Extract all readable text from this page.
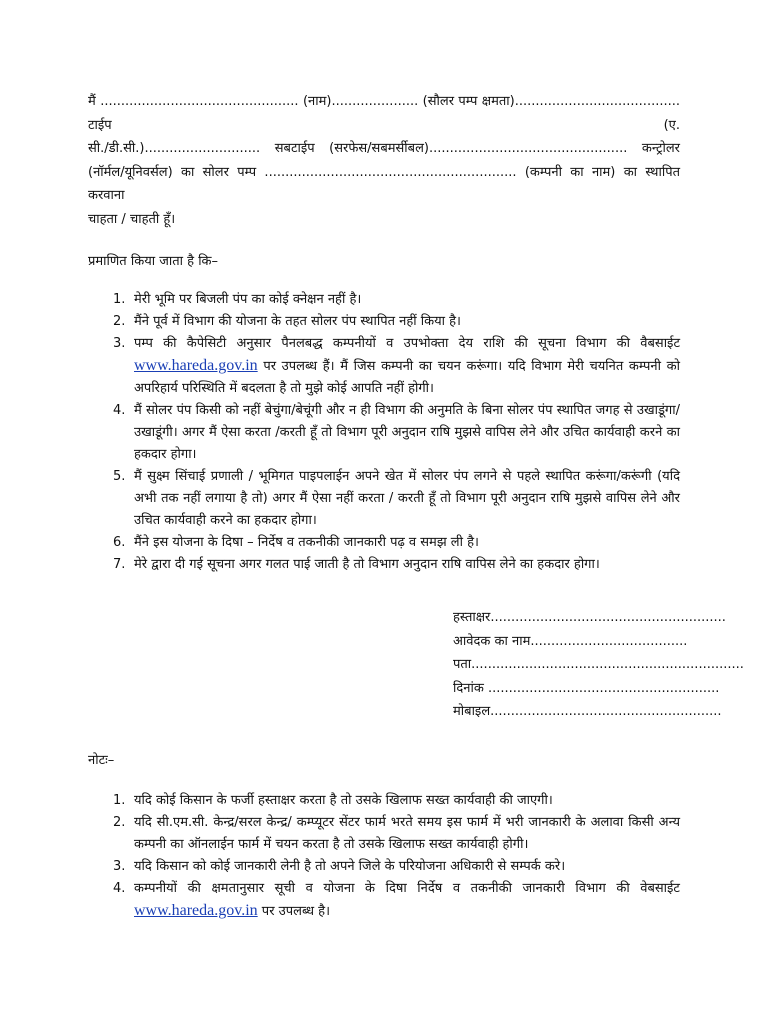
मैं ................................................ (नाम)..................... (सौलर पम्प क्षमता)........................................ टाईप (ए.
सी./डी.सी.)............................ सबटाईप (सरफेस/सबमर्सीबल)................................................ कन्ट्रोलर
(नॉर्मल/यूनिवर्सल) का सोलर पम्प ............................................................. (कम्पनी का नाम) का स्थापित करवाना
चाहता / चाहती हूँ।
प्रमाणित किया जाता है कि–
1. मेरी भूमि पर बिजली पंप का कोई क्नेक्षन नहीं है।
2. मैंने पूर्व में विभाग की योजना के तहत सोलर पंप स्थापित नहीं किया है।
3. पम्प की कैपेसिटी अनुसार पैनलबद्ध कम्पनीयों व उपभोक्ता देय राशि की सूचना विभाग की वैबसाईट www.hareda.gov.in पर उपलब्ध हैं। मैं जिस कम्पनी का चयन करूंगा। यदि विभाग मेरी चयनित कम्पनी को अपरिहार्य परिस्थिति में बदलता है तो मुझे कोई आपति नहीं होगी।
4. मैं सोलर पंप किसी को नहीं बेचुंगा/बेचूंगी और न ही विभाग की अनुमति के बिना सोलर पंप स्थापित जगह से उखाडूंगा/उखाडूंगी। अगर मैं ऐसा करता /करती हूँ तो विभाग पूरी अनुदान राषि मुझसे वापिस लेने और उचित कार्यवाही करने का हकदार होगा।
5. मैं सुक्ष्म सिंचाई प्रणाली / भूमिगत पाइपलाईन अपने खेत में सोलर पंप लगने से पहले स्थापित करूंगा/करूंगी (यदि अभी तक नहीं लगाया है तो) अगर मैं ऐसा नहीं करता / करती हूँ तो विभाग पूरी अनुदान राषि मुझसे वापिस लेने और उचित कार्यवाही करने का हकदार होगा।
6. मैंने इस योजना के दिषा – निर्देष व तकनीकी जानकारी पढ़ व समझ ली है।
7. मेरे द्वारा दी गई सूचना अगर गलत पाई जाती है तो विभाग अनुदान राषि वापिस लेने का हकदार होगा।
हस्ताक्षर.........................................................
आवेदक का नाम......................................
पता..................................................................
दिनांक ........................................................
मोबाइल........................................................
नोटः–
1. यदि कोई किसान के फर्जी हस्ताक्षर करता है तो उसके खिलाफ सख्त कार्यवाही की जाएगी।
2. यदि सी.एम.सी. केन्द्र/सरल केन्द्र/ कम्प्यूटर सेंटर फार्म भरते समय इस फार्म में भरी जानकारी के अलावा किसी अन्य कम्पनी का ऑनलाईन फार्म में चयन करता है तो उसके खिलाफ सख्त कार्यवाही होगी।
3. यदि किसान को कोई जानकारी लेनी है तो अपने जिले के परियोजना अधिकारी से सम्पर्क करे।
4. कम्पनीयों की क्षमतानुसार सूची व योजना के दिषा निर्देष व तकनीकी जानकारी विभाग की वेबसाईट www.hareda.gov.in पर उपलब्ध है।
